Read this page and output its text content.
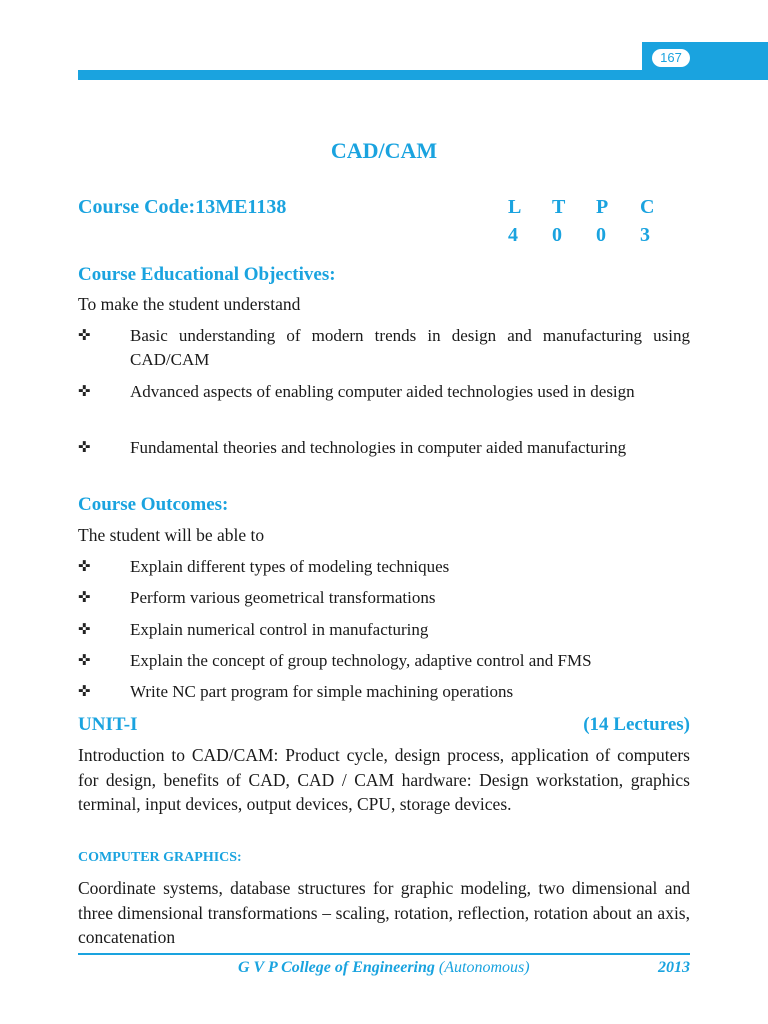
167
CAD/CAM
Course Code:13ME1138	L T P C
4 0 0 3
Course Educational Objectives:
To make the student understand
✜	Basic understanding of modern trends in design and manufacturing using CAD/CAM
✜	Advanced aspects of enabling computer aided technologies used in design
✜	Fundamental theories and technologies in computer aided manufacturing
Course Outcomes:
The student will be able to
✜	Explain different types of modeling techniques
✜	Perform various geometrical transformations
✜	Explain numerical control in manufacturing
✜	Explain the concept of group technology, adaptive control and FMS
✜	Write NC part program for simple machining operations
UNIT-I	(14 Lectures)
Introduction to CAD/CAM: Product cycle, design process, application of computers for design, benefits of CAD, CAD / CAM hardware: Design workstation, graphics terminal, input devices, output devices, CPU, storage devices.
COMPUTER GRAPHICS:
Coordinate systems, database structures for graphic modeling, two dimensional and three dimensional transformations – scaling, rotation, reflection, rotation about an axis, concatenation
G V P College of Engineering (Autonomous)	2013
